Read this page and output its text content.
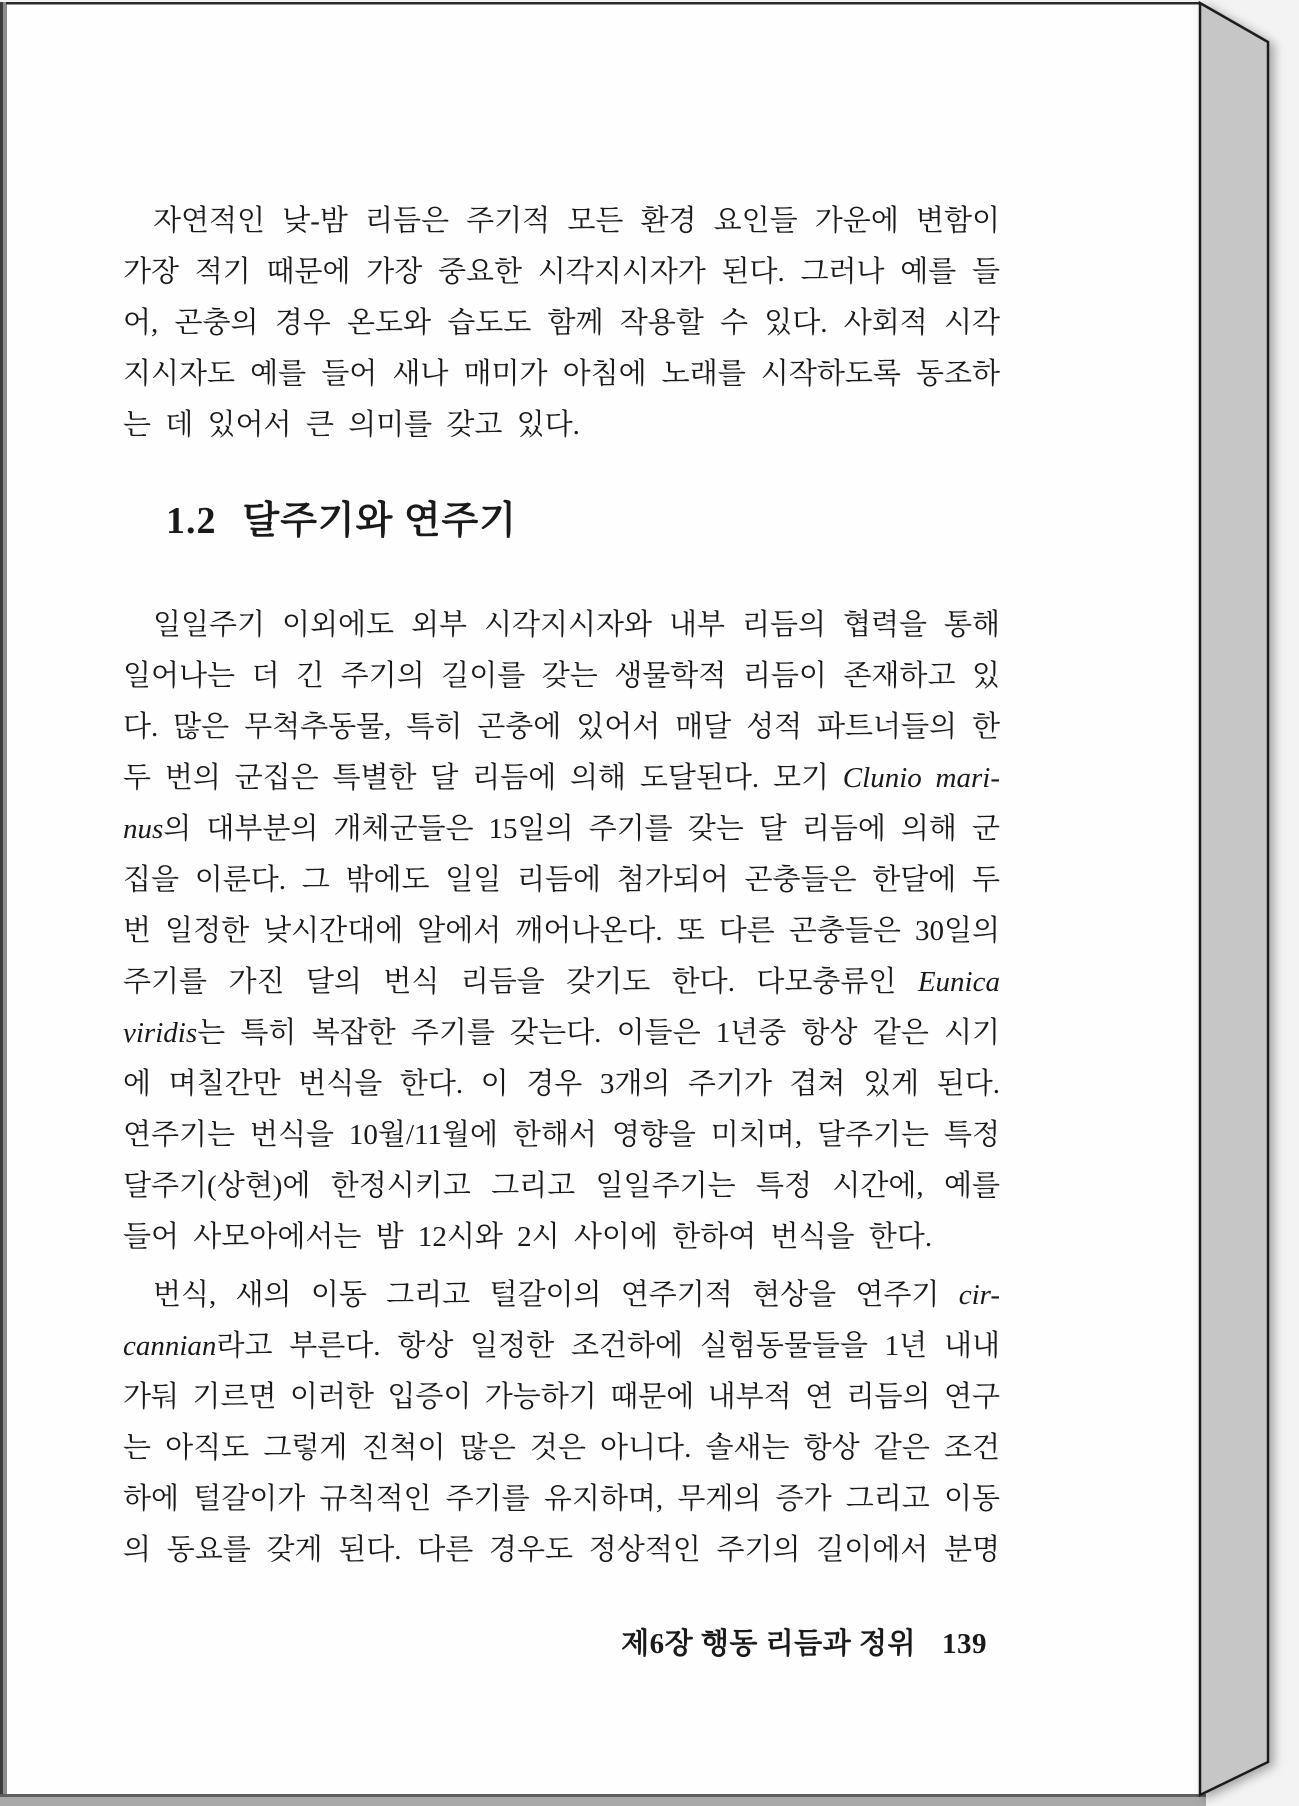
자연적인 낮-밤 리듬은 주기적 모든 환경 요인들 가운에 변함이
가장 적기 때문에 가장 중요한 시각지시자가 된다. 그러나 예를 들
어, 곤충의 경우 온도와 습도도 함께 작용할 수 있다. 사회적 시각
지시자도 예를 들어 새나 매미가 아침에 노래를 시작하도록 동조하
는 데 있어서 큰 의미를 갖고 있다.
1.2 달주기와 연주기
일일주기 이외에도 외부 시각지시자와 내부 리듬의 협력을 통해
일어나는 더 긴 주기의 길이를 갖는 생물학적 리듬이 존재하고 있
다. 많은 무척추동물, 특히 곤충에 있어서 매달 성적 파트너들의 한
두 번의 군집은 특별한 달 리듬에 의해 도달된다. 모기 Clunio mari-
nus의 대부분의 개체군들은 15일의 주기를 갖는 달 리듬에 의해 군
집을 이룬다. 그 밖에도 일일 리듬에 첨가되어 곤충들은 한달에 두
번 일정한 낮시간대에 알에서 깨어나온다. 또 다른 곤충들은 30일의
주기를 가진 달의 번식 리듬을 갖기도 한다. 다모충류인 Eunica
viridis는 특히 복잡한 주기를 갖는다. 이들은 1년중 항상 같은 시기
에 며칠간만 번식을 한다. 이 경우 3개의 주기가 겹쳐 있게 된다.
연주기는 번식을 10월/11월에 한해서 영향을 미치며, 달주기는 특정
달주기(상현)에 한정시키고 그리고 일일주기는 특정 시간에, 예를
들어 사모아에서는 밤 12시와 2시 사이에 한하여 번식을 한다.
번식, 새의 이동 그리고 털갈이의 연주기적 현상을 연주기 cir-
cannian라고 부른다. 항상 일정한 조건하에 실험동물들을 1년 내내
가둬 기르면 이러한 입증이 가능하기 때문에 내부적 연 리듬의 연구
는 아직도 그렇게 진척이 많은 것은 아니다. 솔새는 항상 같은 조건
하에 털갈이가 규칙적인 주기를 유지하며, 무게의 증가 그리고 이동
의 동요를 갖게 된다. 다른 경우도 정상적인 주기의 길이에서 분명
제6장 행동 리듬과 정위 139
